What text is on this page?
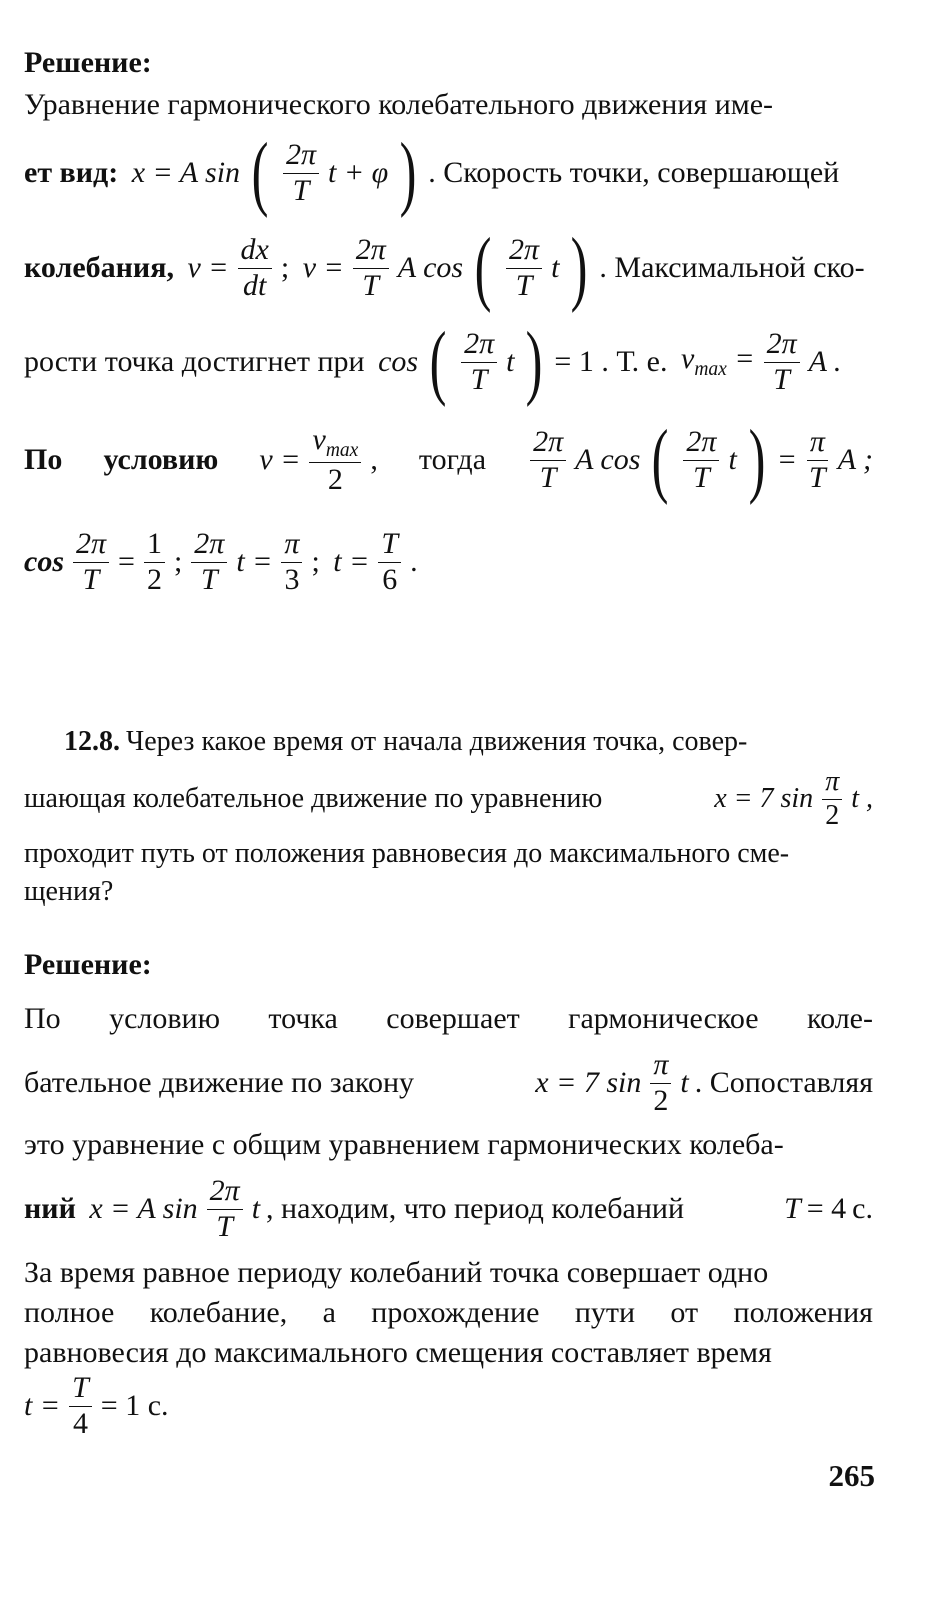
Решение:
Уравнение гармонического колебательного движения име-
ет вид: x = A sin ( $\frac{2\pi}{T}$ t + φ ) . Скорость точки, совершающей
колебания, $v = \frac{dx}{dt}$ ; $v = \frac{2\pi}{T}$ A cos ( $\frac{2\pi}{T}$ t ) . Максимальной ско-
рости точка достигнет при cos ( $\frac{2\pi}{T}$ t ) = 1 . Т. е. $v_{max} = \frac{2\pi}{T}$ A .
По условию $v = \frac{v_{max}}{2}$ , тогда $\frac{2\pi}{T}$ A cos ( $\frac{2\pi}{T}$ t ) = $\frac{\pi}{T}$ A ;
$\cos \frac{2\pi}{T} = \frac{1}{2}$ ; $\frac{2\pi}{T}$ $t = \frac{\pi}{3}$ ; $t = \frac{T}{6}$ .
12.8. Через какое время от начала движения точка, совер-
шающая колебательное движение по уравнению	x = 7 $\sin \frac{\pi}{2}$ t ,
проходит путь от положения равновесия до максимального сме-
щения?
Решение:
По условию точка совершает гармоническое коле-
бательное движение по закону	x = 7 $\sin \frac{\pi}{2}$ t . Сопоставляя
это уравнение с общим уравнением гармонических колеба-
ний x = A $\sin \frac{2\pi}{T}$ t , находим, что период колебаний	T = 4 с.
За время равное периоду колебаний точка совершает одно
полное колебание, а прохождение пути от положения
равновесия до максимального смещения составляет время
$t = \frac{T}{4} = 1$ с.
265
